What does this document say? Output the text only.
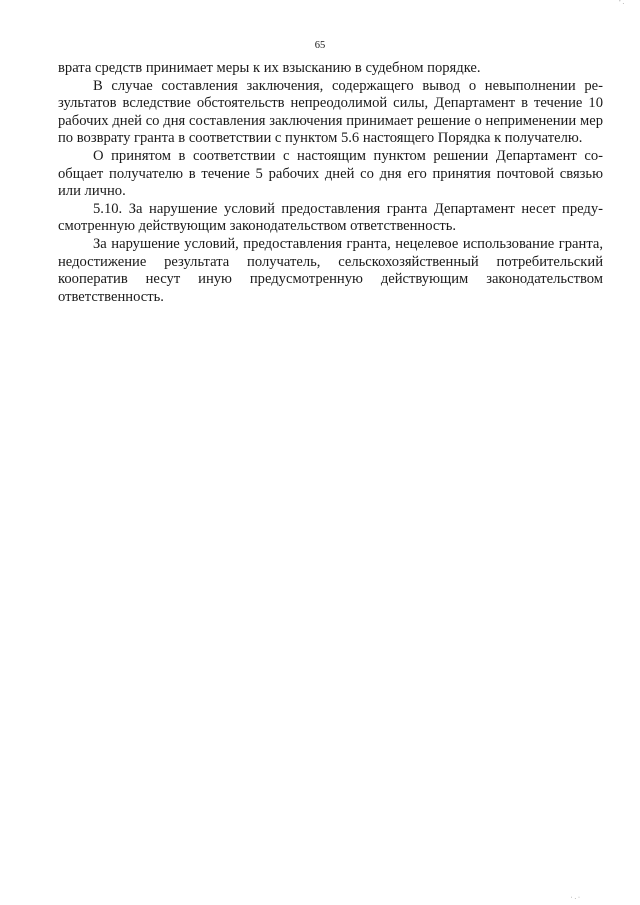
'.
65

врата средств принимает меры к их взысканию в судебном порядке.

В случае составления заключения, содержащего вывод о невыполнении результатов вследствие обстоятельств непреодолимой силы, Департамент в течение 10 рабочих дней со дня составления заключения принимает решение о неприменении мер по возврату гранта в соответствии с пунктом 5.6 настоящего Порядка к получателю.

О принятом в соответствии с настоящим пунктом решении Департамент сообщает получателю в течение 5 рабочих дней со дня его принятия почтовой связью или лично.

5.10. За нарушение условий предоставления гранта Департамент несет предусмотренную действующим законодательством ответственность.

За нарушение условий, предоставления гранта, нецелевое использование гранта, недостижение результата получатель, сельскохозяйственный потребительский кооператив несут иную предусмотренную действующим законодательством ответственность.

·.·
